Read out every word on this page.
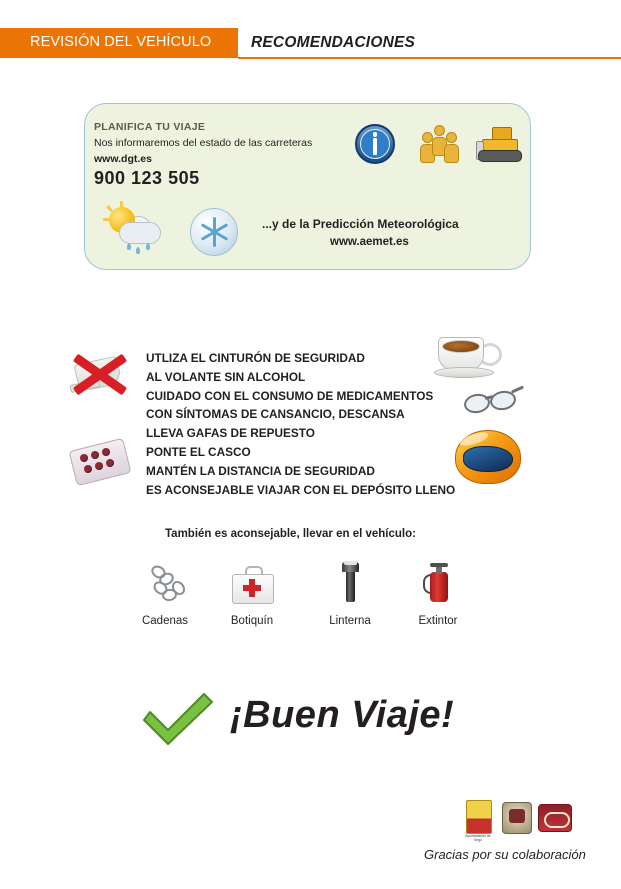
REVISIÓN DEL VEHÍCULO	RECOMENDACIONES
PLANIFICA TU VIAJE
Nos informaremos del estado de las carreteras
www.dgt.es
900 123 505
...y de la Predicción Meteorológica
www.aemet.es
UTLIZA EL CINTURÓN DE SEGURIDAD
AL VOLANTE SIN ALCOHOL
CUIDADO CON EL CONSUMO DE MEDICAMENTOS
CON SÍNTOMAS DE CANSANCIO, DESCANSA
LLEVA GAFAS DE REPUESTO
PONTE EL CASCO
MANTÉN LA DISTANCIA DE SEGURIDAD
ES ACONSEJABLE VIAJAR CON EL DEPÓSITO LLENO
También es aconsejable, llevar en el vehículo:
Cadenas	Botiquín	Linterna	Extintor
¡Buen Viaje!
Ayuntamiento de Sego
Gracias por su colaboración
